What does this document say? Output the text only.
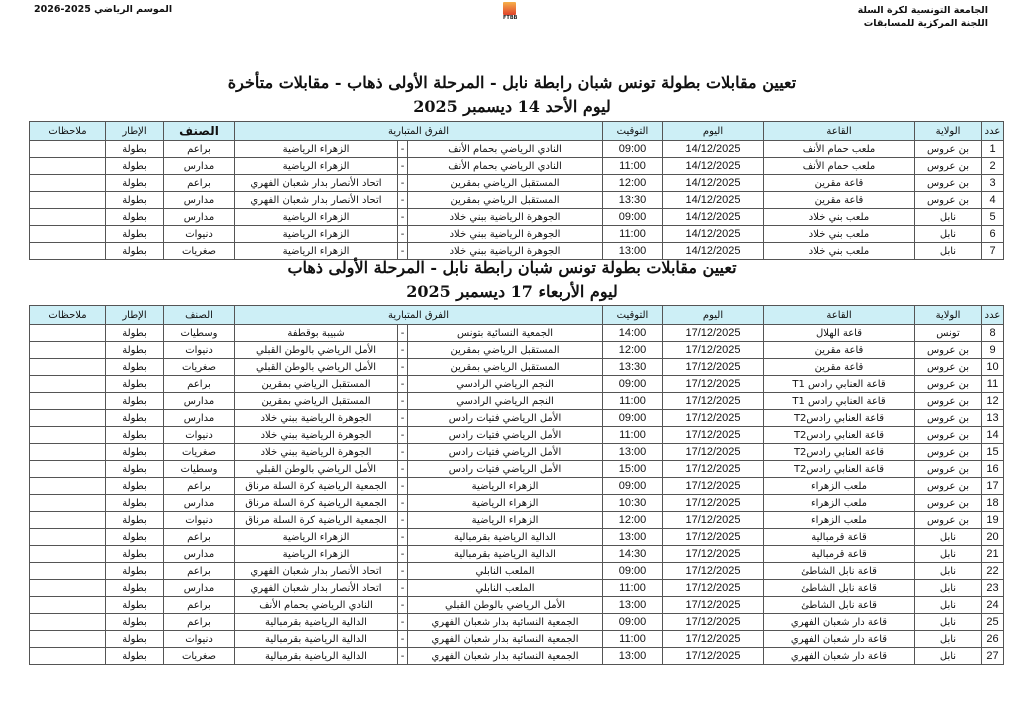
الجامعة التونسية لكرة السلة
اللجنة المركزية للمسابقات
FTBB
الموسم الرياضي 2025-2026
تعيين مقابلات بطولة تونس شبان رابطة نابل - المرحلة الأولى ذهاب - مقابلات متأخرة
ليوم الأحد 14 ديسمبر 2025
عدد	الولاية	القاعة	اليوم	التوقيت	الفرق المتبارية			الصنف	الإطار	ملاحظات
1	بن عروس	ملعب حمام الأنف	14/12/2025	09:00	النادي الرياضي بحمام الأنف	-	الزهراء الرياضية	براعم	بطولة	
2	بن عروس	ملعب حمام الأنف	14/12/2025	11:00	النادي الرياضي بحمام الأنف	-	الزهراء الرياضية	مدارس	بطولة	
3	بن عروس	قاعة مقرين	14/12/2025	12:00	المستقبل الرياضي بمقرين	-	اتحاد الأنصار بدار شعبان الفهري	براعم	بطولة	
4	بن عروس	قاعة مقرين	14/12/2025	13:30	المستقبل الرياضي بمقرين	-	اتحاد الأنصار بدار شعبان الفهري	مدارس	بطولة	
5	نابل	ملعب بني خلاد	14/12/2025	09:00	الجوهرة الرياضية ببني خلاد	-	الزهراء الرياضية	مدارس	بطولة	
6	نابل	ملعب بني خلاد	14/12/2025	11:00	الجوهرة الرياضية ببني خلاد	-	الزهراء الرياضية	دنيوات	بطولة	
7	نابل	ملعب بني خلاد	14/12/2025	13:00	الجوهرة الرياضية ببني خلاد	-	الزهراء الرياضية	صغريات	بطولة	
تعيين مقابلات بطولة تونس شبان رابطة نابل - المرحلة الأولى ذهاب
ليوم الأربعاء 17 ديسمبر 2025
عدد	الولاية	القاعة	اليوم	التوقيت	الفرق المتبارية			الصنف	الإطار	ملاحظات
8	تونس	قاعة الهلال	17/12/2025	14:00	الجمعية النسائية بتونس	-	شبيبة بوقطفة	وسطيات	بطولة	
9	بن عروس	قاعة مقرين	17/12/2025	12:00	المستقبل الرياضي بمقرين	-	الأمل الرياضي بالوطن القبلي	دنيوات	بطولة	
10	بن عروس	قاعة مقرين	17/12/2025	13:30	المستقبل الرياضي بمقرين	-	الأمل الرياضي بالوطن القبلي	صغريات	بطولة	
11	بن عروس	قاعة العنابي رادس T1	17/12/2025	09:00	النجم الرياضي الرادسي	-	المستقبل الرياضي بمقرين	براعم	بطولة	
12	بن عروس	قاعة العنابي رادس T1	17/12/2025	11:00	النجم الرياضي الرادسي	-	المستقبل الرياضي بمقرين	مدارس	بطولة	
13	بن عروس	قاعة العنابي رادسT2	17/12/2025	09:00	الأمل الرياضي فتيات رادس	-	الجوهرة الرياضية ببني خلاد	مدارس	بطولة	
14	بن عروس	قاعة العنابي رادسT2	17/12/2025	11:00	الأمل الرياضي فتيات رادس	-	الجوهرة الرياضية ببني خلاد	دنيوات	بطولة	
15	بن عروس	قاعة العنابي رادسT2	17/12/2025	13:00	الأمل الرياضي فتيات رادس	-	الجوهرة الرياضية ببني خلاد	صغريات	بطولة	
16	بن عروس	قاعة العنابي رادسT2	17/12/2025	15:00	الأمل الرياضي فتيات رادس	-	الأمل الرياضي بالوطن القبلي	وسطيات	بطولة	
17	بن عروس	ملعب الزهراء	17/12/2025	09:00	الزهراء الرياضية	-	الجمعية الرياضية كرة السلة مرناق	براعم	بطولة	
18	بن عروس	ملعب الزهراء	17/12/2025	10:30	الزهراء الرياضية	-	الجمعية الرياضية كرة السلة مرناق	مدارس	بطولة	
19	بن عروس	ملعب الزهراء	17/12/2025	12:00	الزهراء الرياضية	-	الجمعية الرياضية كرة السلة مرناق	دنيوات	بطولة	
20	نابل	قاعة قرمبالية	17/12/2025	13:00	الدالية الرياضية بقرمبالية	-	الزهراء الرياضية	براعم	بطولة	
21	نابل	قاعة قرمبالية	17/12/2025	14:30	الدالية الرياضية بقرمبالية	-	الزهراء الرياضية	مدارس	بطولة	
22	نابل	قاعة نابل الشاطئ	17/12/2025	09:00	الملعب النابلي	-	اتحاد الأنصار بدار شعبان الفهري	براعم	بطولة	
23	نابل	قاعة نابل الشاطئ	17/12/2025	11:00	الملعب النابلي	-	اتحاد الأنصار بدار شعبان الفهري	مدارس	بطولة	
24	نابل	قاعة نابل الشاطئ	17/12/2025	13:00	الأمل الرياضي بالوطن القبلي	-	النادي الرياضي بحمام الأنف	براعم	بطولة	
25	نابل	قاعة دار شعبان الفهري	17/12/2025	09:00	الجمعية النسائية بدار شعبان الفهري	-	الدالية الرياضية بقرمبالية	براعم	بطولة	
26	نابل	قاعة دار شعبان الفهري	17/12/2025	11:00	الجمعية النسائية بدار شعبان الفهري	-	الدالية الرياضية بقرمبالية	دنيوات	بطولة	
27	نابل	قاعة دار شعبان الفهري	17/12/2025	13:00	الجمعية النسائية بدار شعبان الفهري	-	الدالية الرياضية بقرمبالية	صغريات	بطولة	
